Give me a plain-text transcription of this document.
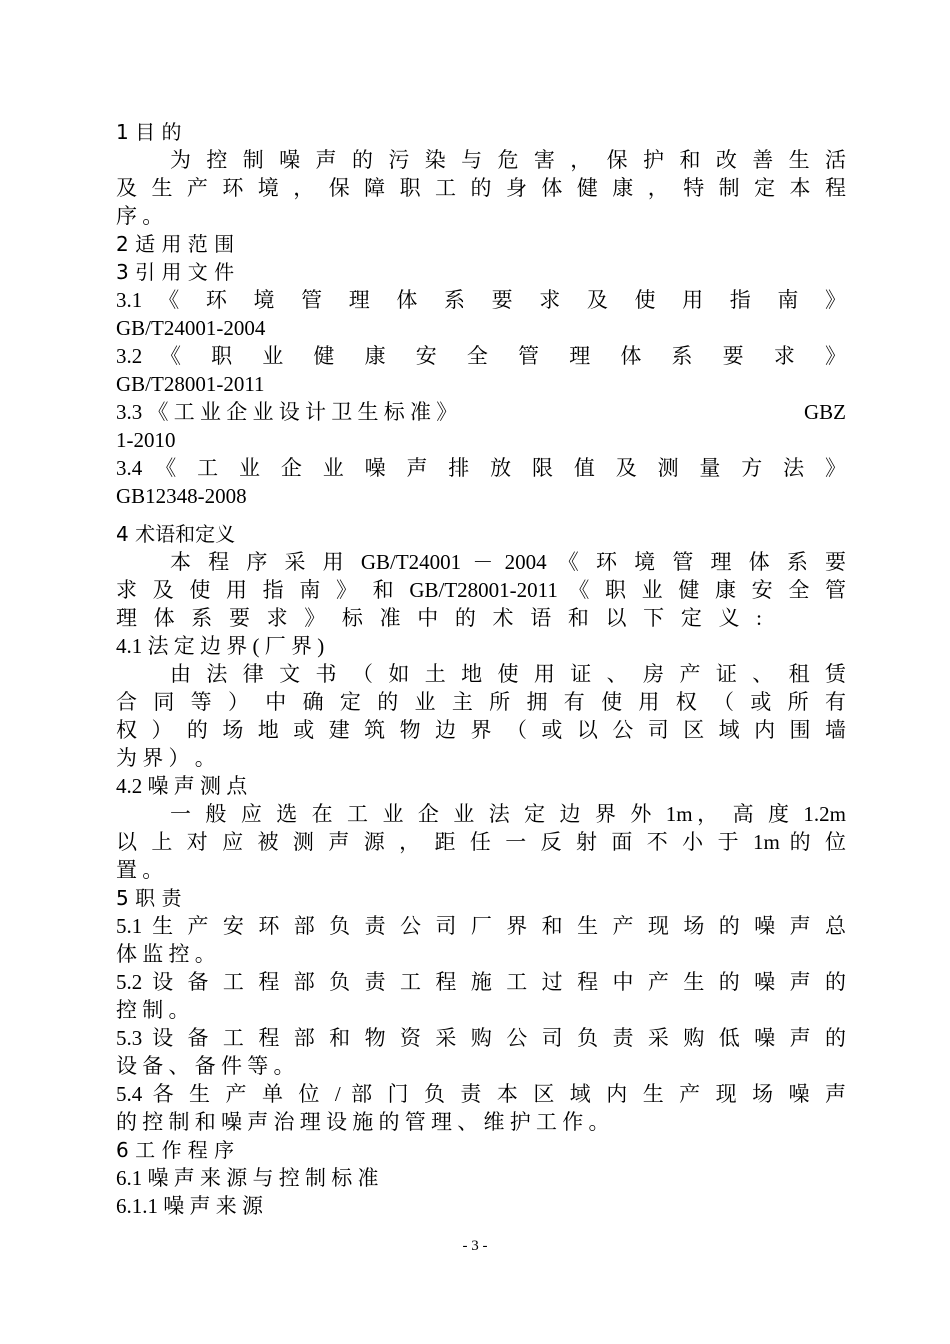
1 目 的
为 控 制 噪 声 的 污 染 与 危 害 ， 保 护 和 改 善 生 活
及 生 产 环 境 ， 保 障 职 工 的 身 体 健 康 ， 特 制 定 本 程
序 。
2 适 用 范 围
3 引 用 文 件
3.1 《 环 境 管 理 体 系 要 求 及 使 用 指 南 》
GB/T24001-2004
3.2 《 职 业 健 康 安 全 管 理 体 系 要 求 》
GB/T28001-2011
3.3 《 工 业 企 业 设 计 卫 生 标 准 》	GBZ
1-2010
3.4 《 工 业 企 业 噪 声 排 放 限 值 及 测 量 方 法 》
GB12348-2008
4 术语和定义
本 程 序 采 用 GB/T24001 － 2004 《 环 境 管 理 体 系 要
求 及 使 用 指 南 》 和 GB/T28001-2011 《 职 业 健 康 安 全 管
理 体 系 要 求 》 标 准 中 的 术 语 和 以 下 定 义 :
4.1 法 定 边 界 ( 厂 界 )
由 法 律 文 书 （ 如 土 地 使 用 证 、 房 产 证 、 租 赁
合 同 等 ） 中 确 定 的 业 主 所 拥 有 使 用 权 （ 或 所 有
权 ） 的 场 地 或 建 筑 物 边 界 （ 或 以 公 司 区 域 内 围 墙
为 界 ） 。
4.2 噪 声 测 点
一 般 应 选 在 工 业 企 业 法 定 边 界 外 1m， 高 度 1.2m
以 上 对 应 被 测 声 源 ， 距 任 一 反 射 面 不 小 于 1m 的 位
置 。
5 职 责
5.1 生 产 安 环 部 负 责 公 司 厂 界 和 生 产 现 场 的 噪 声 总
体 监 控 。
5.2 设 备 工 程 部 负 责 工 程 施 工 过 程 中 产 生 的 噪 声 的
控 制 。
5.3 设 备 工 程 部 和 物 资 采 购 公 司 负 责 采 购 低 噪 声 的
设 备 、 备 件 等 。
5.4 各 生 产 单 位 / 部 门 负 责 本 区 域 内 生 产 现 场 噪 声
的 控 制 和 噪 声 治 理 设 施 的 管 理 、 维 护 工 作 。
6 工 作 程 序
6.1 噪 声 来 源 与 控 制 标 准
6.1.1 噪 声 来 源
- 3 -
